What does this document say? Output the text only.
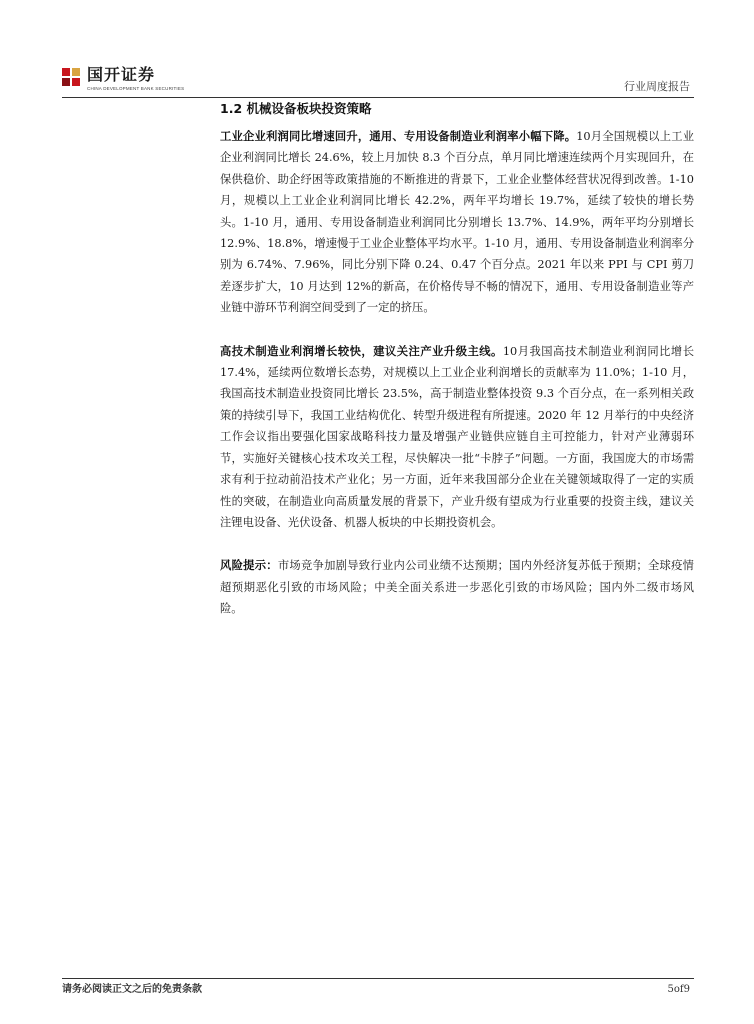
国开证券
CHINA DEVELOPMENT BANK SECURITIES	行业周度报告
1.2 机械设备板块投资策略

工业企业利润同比增速回升，通用、专用设备制造业利润率小幅下降。10月全国规模以上工业企业利润同比增长 24.6%，较上月加快 8.3 个百分点，单月同比增速连续两个月实现回升，在保供稳价、助企纾困等政策措施的不断推进的背景下，工业企业整体经营状况得到改善。1-10 月，规模以上工业企业利润同比增长 42.2%，两年平均增长 19.7%，延续了较快的增长势头。1-10 月，通用、专用设备制造业利润同比分别增长 13.7%、14.9%，两年平均分别增长 12.9%、18.8%，增速慢于工业企业整体平均水平。1-10 月，通用、专用设备制造业利润率分别为 6.74%、7.96%，同比分别下降 0.24、0.47 个百分点。2021 年以来 PPI 与 CPI 剪刀差逐步扩大，10 月达到 12%的新高，在价格传导不畅的情况下，通用、专用设备制造业等产业链中游环节利润空间受到了一定的挤压。

高技术制造业利润增长较快，建议关注产业升级主线。10月我国高技术制造业利润同比增长 17.4%，延续两位数增长态势，对规模以上工业企业利润增长的贡献率为 11.0%；1-10 月，我国高技术制造业投资同比增长 23.5%，高于制造业整体投资 9.3 个百分点，在一系列相关政策的持续引导下，我国工业结构优化、转型升级进程有所提速。2020 年 12 月举行的中央经济工作会议指出要强化国家战略科技力量及增强产业链供应链自主可控能力，针对产业薄弱环节，实施好关键核心技术攻关工程，尽快解决一批“卡脖子”问题。一方面，我国庞大的市场需求有利于拉动前沿技术产业化；另一方面，近年来我国部分企业在关键领域取得了一定的实质性的突破，在制造业向高质量发展的背景下，产业升级有望成为行业重要的投资主线，建议关注锂电设备、光伏设备、机器人板块的中长期投资机会。

风险提示：市场竞争加剧导致行业内公司业绩不达预期；国内外经济复苏低于预期；全球疫情超预期恶化引致的市场风险；中美全面关系进一步恶化引致的市场风险；国内外二级市场风险。

请务必阅读正文之后的免责条款	5of9
